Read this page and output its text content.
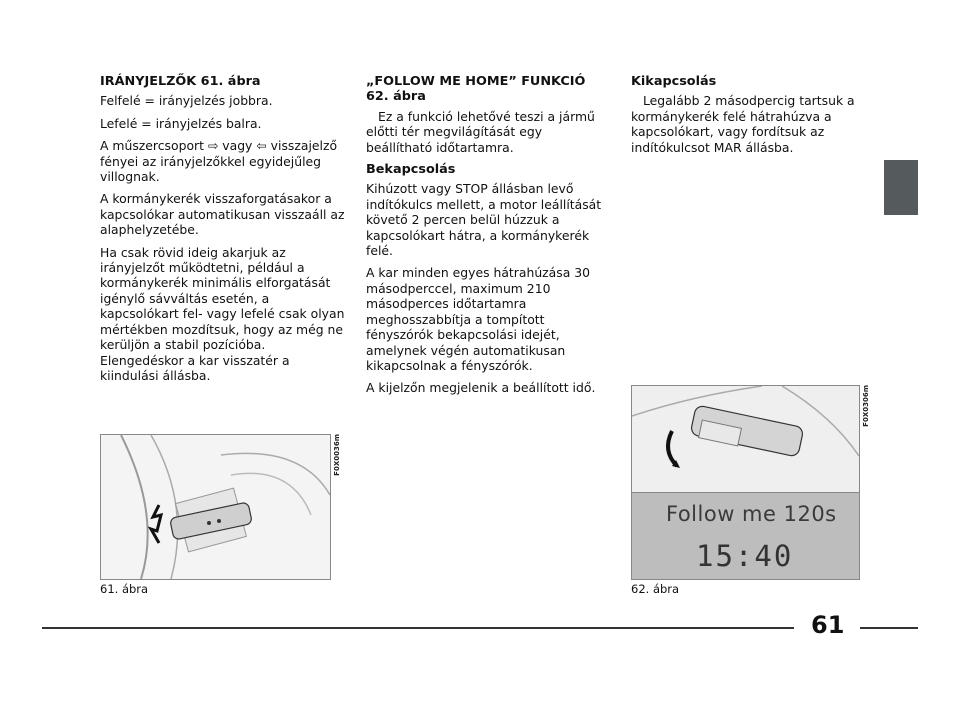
IRÁNYJELZŐK 61. ábra

Felfelé = irányjelzés jobbra.

Lefelé = irányjelzés balra.

A műszercsoport ⇨ vagy ⇦ visszajelző fényei az irányjelzőkkel egyidejűleg villognak.

A kormánykerék visszaforgatásakor a kapcsolókar automatikusan visszaáll az alaphelyzetébe.

Ha csak rövid ideig akarjuk az irányjelzőt működtetni, például a kormánykerék minimális elforgatását igénylő sávváltás esetén, a kapcsolókart fel- vagy lefelé csak olyan mértékben mozdítsuk, hogy az még ne kerüljön a stabil pozícióba. Elengedéskor a kar visszatér a kiindulási állásba.

„FOLLOW ME HOME” FUNKCIÓ 62. ábra

Ez a funkció lehetővé teszi a jármű előtti tér megvilágítását egy beállítható időtartamra.

Bekapcsolás

Kihúzott vagy STOP állásban levő indítókulcs mellett, a motor leállítását követő 2 percen belül húzzuk a kapcsolókart hátra, a kormánykerék felé.

A kar minden egyes hátrahúzása 30 másodperccel, maximum 210 másodperces időtartamra meghosszabbítja a tompított fényszórók bekapcsolási idejét, amelynek végén automatikusan kikapcsolnak a fényszórók.

A kijelzőn megjelenik a beállított idő.

Kikapcsolás

Legalább 2 másodpercig tartsuk a kormánykerék felé hátrahúzva a kapcsolókart, vagy fordítsuk az indítókulcsot MAR állásba.

F0X0036m
61. ábra
Follow me 120s
15:40
F0X0306m
62. ábra
61
